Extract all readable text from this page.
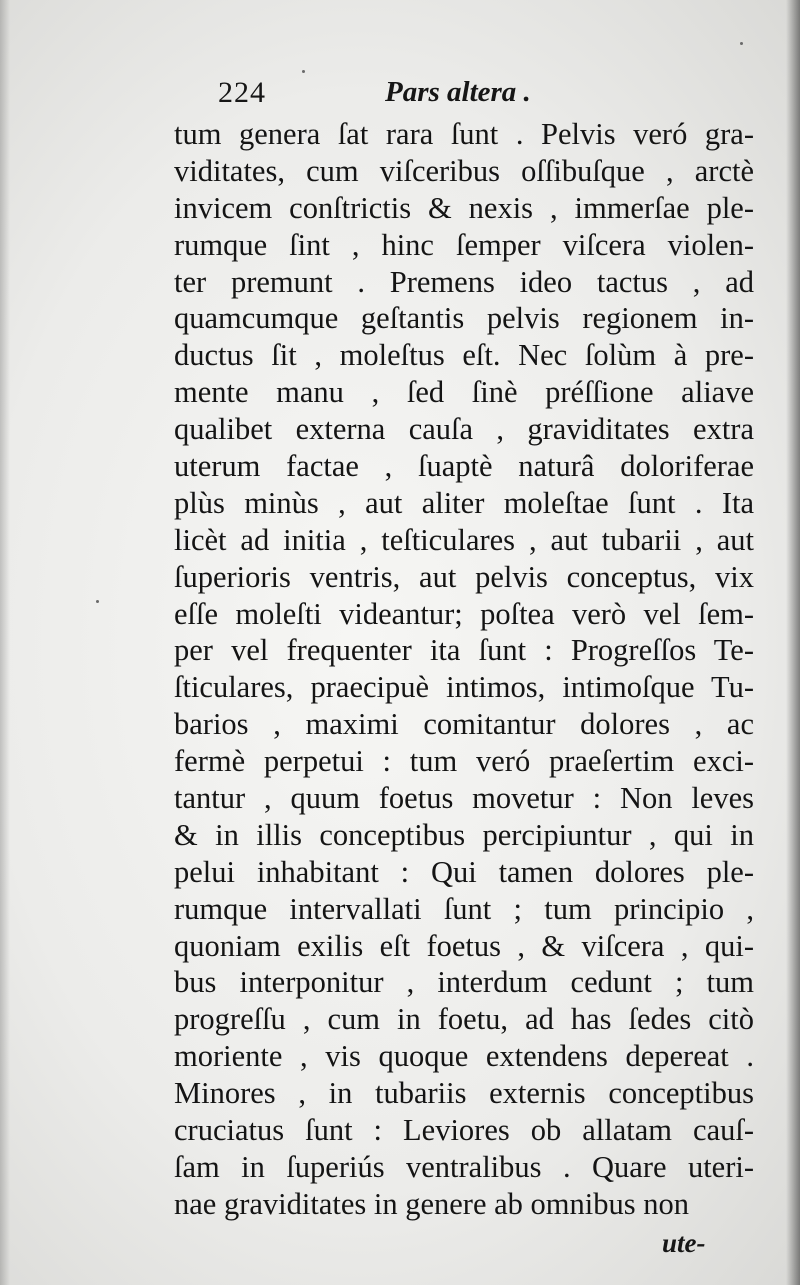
224	Pars altera .
tum genera ſat rara ſunt . Pelvis veró gra-
viditates, cum viſceribus oſſibuſque , arctè
invicem conſtrictis & nexis , immerſae ple-
rumque ſint , hinc ſemper viſcera violen-
ter premunt . Premens ideo tactus , ad
quamcumque geſtantis pelvis regionem in-
ductus ſit , moleſtus eſt. Nec ſolùm à pre-
mente manu , ſed ſinè préſſione aliave
qualibet externa cauſa , graviditates extra
uterum factae , ſuaptè naturâ doloriferae
plùs minùs , aut aliter moleſtae ſunt . Ita
licèt ad initia , teſticulares , aut tubarii , aut
ſuperioris ventris, aut pelvis conceptus, vix
eſſe moleſti videantur; poſtea verò vel ſem-
per vel frequenter ita ſunt : Progreſſos Te-
ſticulares, praecipuè intimos, intimoſque Tu-
barios , maximi comitantur dolores , ac
fermè perpetui : tum veró praeſertim exci-
tantur , quum foetus movetur : Non leves
& in illis conceptibus percipiuntur , qui in
pelui inhabitant : Qui tamen dolores ple-
rumque intervallati ſunt ; tum principio ,
quoniam exilis eſt foetus , & viſcera , qui-
bus interponitur , interdum cedunt ; tum
progreſſu , cum in foetu, ad has ſedes citò
moriente , vis quoque extendens depereat .
Minores , in tubariis externis conceptibus
cruciatus ſunt : Leviores ob allatam cauſ-
ſam in ſuperiús ventralibus . Quare uteri-
nae graviditates in genere ab omnibus non
ute-
